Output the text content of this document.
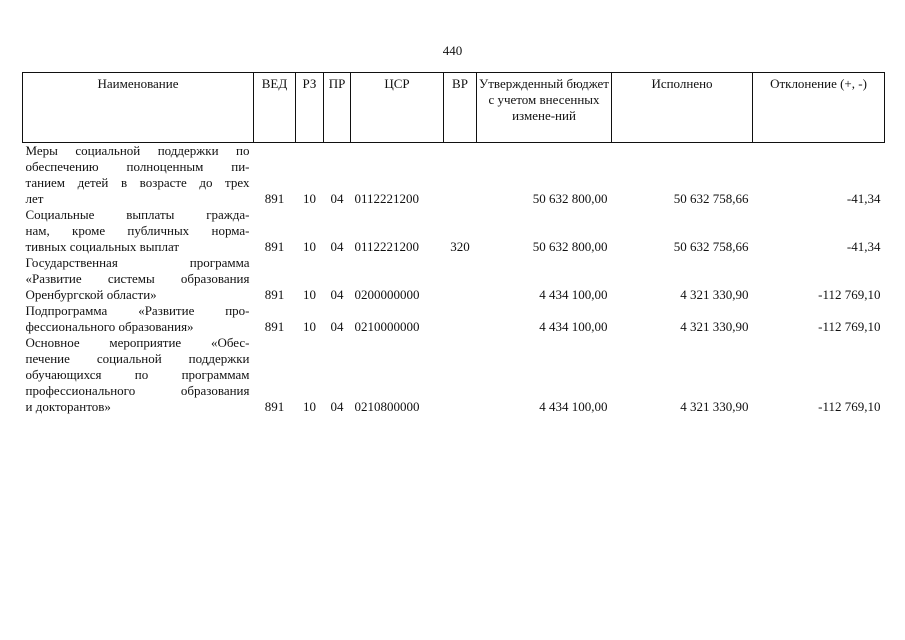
440
Наименование	ВЕД	РЗ	ПР	ЦСР	ВР	Утвержденный бюджет с учетом внесенных измене-ний	Исполнено	Отклонение (+, -)

Меры социальной поддержки по
обеспечению полноценным пи-
танием детей в возрасте до трех
лет	891	10	04	0112221200		50 632 800,00	50 632 758,66	-41,34

Социальные выплаты гражда-
нам, кроме публичных норма-
тивных социальных выплат	891	10	04	0112221200	320	50 632 800,00	50 632 758,66	-41,34

Государственная программа
«Развитие системы образования
Оренбургской области»	891	10	04	0200000000		4 434 100,00	4 321 330,90	-112 769,10

Подпрограмма «Развитие про-
фессионального образования»	891	10	04	0210000000		4 434 100,00	4 321 330,90	-112 769,10

Основное мероприятие «Обес-
печение социальной поддержки
обучающихся по программам
профессионального образования
и докторантов»	891	10	04	0210800000		4 434 100,00	4 321 330,90	-112 769,10
